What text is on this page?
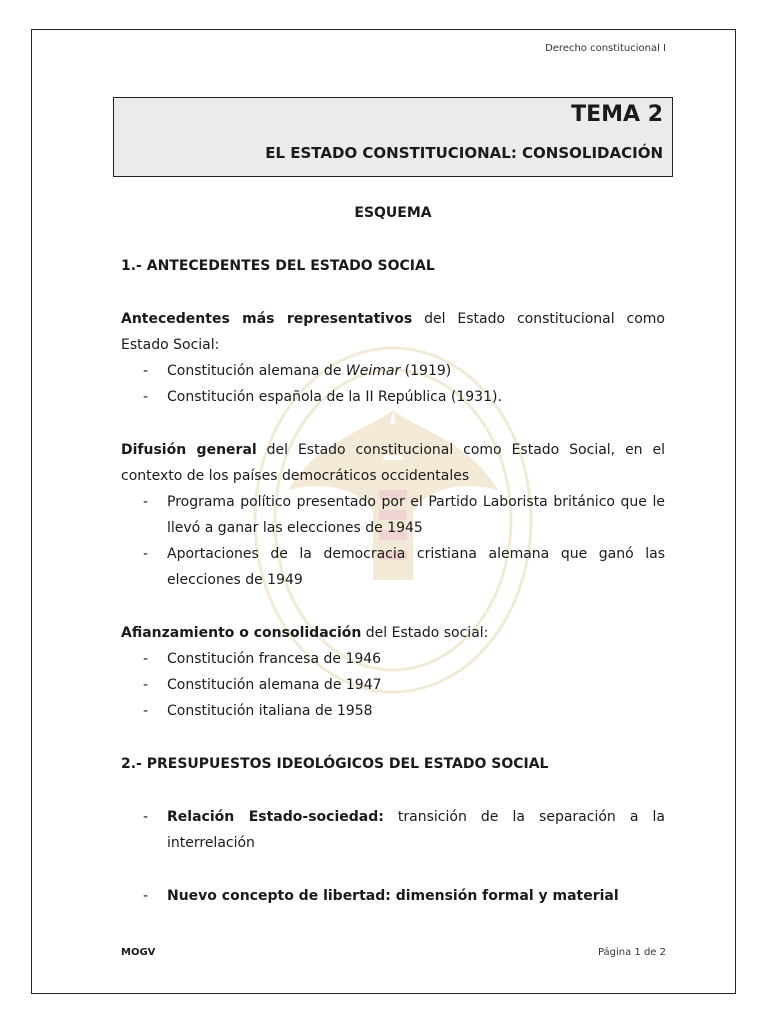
Derecho constitucional I
TEMA 2
EL ESTADO CONSTITUCIONAL: CONSOLIDACIÓN
ESQUEMA
1.- ANTECEDENTES DEL ESTADO SOCIAL

Antecedentes más representativos del Estado constitucional como Estado Social:

- Constitución alemana de Weimar (1919)
- Constitución española de la II República (1931).

Difusión general del Estado constitucional como Estado Social, en el contexto de los países democráticos occidentales

- Programa político presentado por el Partido Laborista británico que le llevó a ganar las elecciones de 1945
- Aportaciones de la democracia cristiana alemana que ganó las elecciones de 1949

Afianzamiento o consolidación del Estado social:

- Constitución francesa de 1946
- Constitución alemana de 1947
- Constitución italiana de 1958
2.- PRESUPUESTOS IDEOLÓGICOS DEL ESTADO SOCIAL
- Relación Estado-sociedad: transición de la separación a la interrelación
- Nuevo concepto de libertad: dimensión formal y material
MOGV	Página 1 de 2
